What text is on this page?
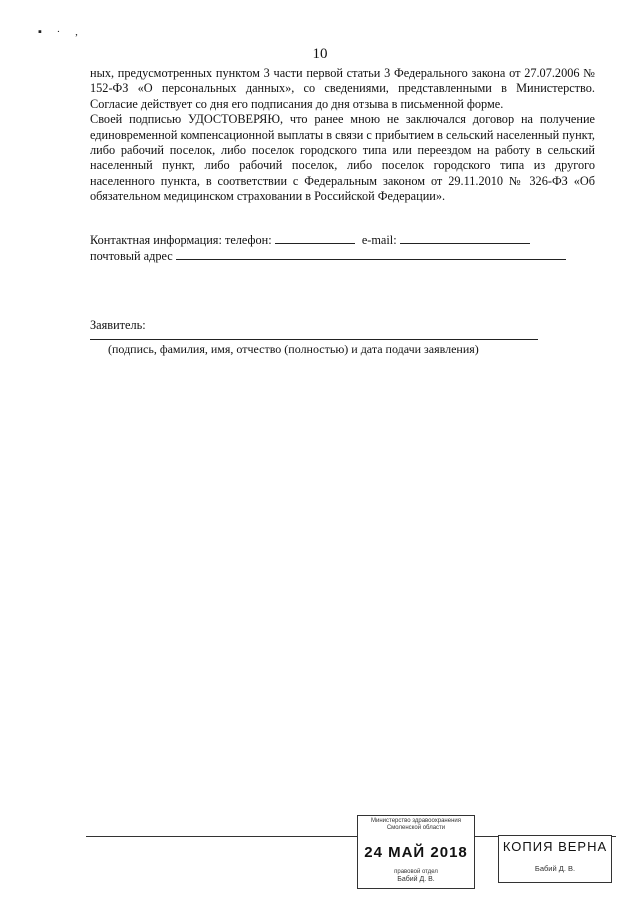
▪ · ,
10

ных, предусмотренных пунктом 3 части первой статьи 3 Федерального закона от 27.07.2006 № 152-ФЗ «О персональных данных», со сведениями, представленными в Министерство. Согласие действует со дня его подписания до дня отзыва в письменной форме.

Своей подписью УДОСТОВЕРЯЮ, что ранее мною не заключался договор на получение единовременной компенсационной выплаты в связи с прибытием в сельский населенный пункт, либо рабочий поселок, либо поселок городского типа или переездом на работу в сельский населенный пункт, либо рабочий поселок, либо поселок городского типа из другого населенного пункта, в соответствии с Федеральным законом от 29.11.2010 № 326-ФЗ «Об обязательном медицинском страховании в Российской Федерации».

Контактная информация: телефон:	e-mail:
почтовый адрес
Заявитель:
(подпись, фамилия, имя, отчество (полностью) и дата подачи заявления)
Министерство здравоохранения Смоленской области
24 МАЙ 2018
правовой отдел
Бабий Д. В.
КОПИЯ ВЕРНА
Бабий Д. В.
